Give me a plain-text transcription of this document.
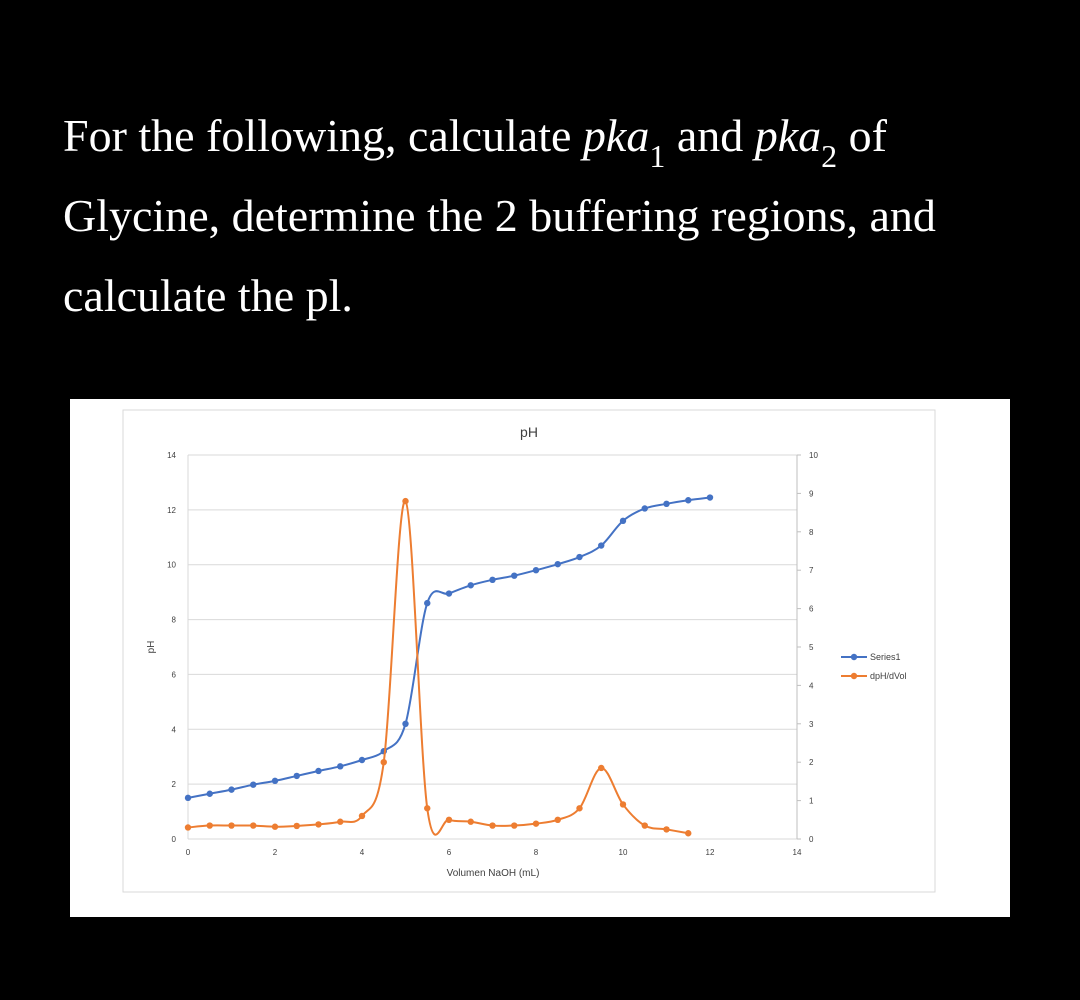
For the following, calculate pka$_1$ and pka$_2$ of Glycine, determine the 2 buffering regions, and calculate the pl.
0
2
4
6
8
10
12
14
0	2	4	6	8	10	12	14
0
1
2
3
4
5
6
7
8
9
10
pH
Volumen NaOH (mL)
pH
Series1
dpH/dVol
